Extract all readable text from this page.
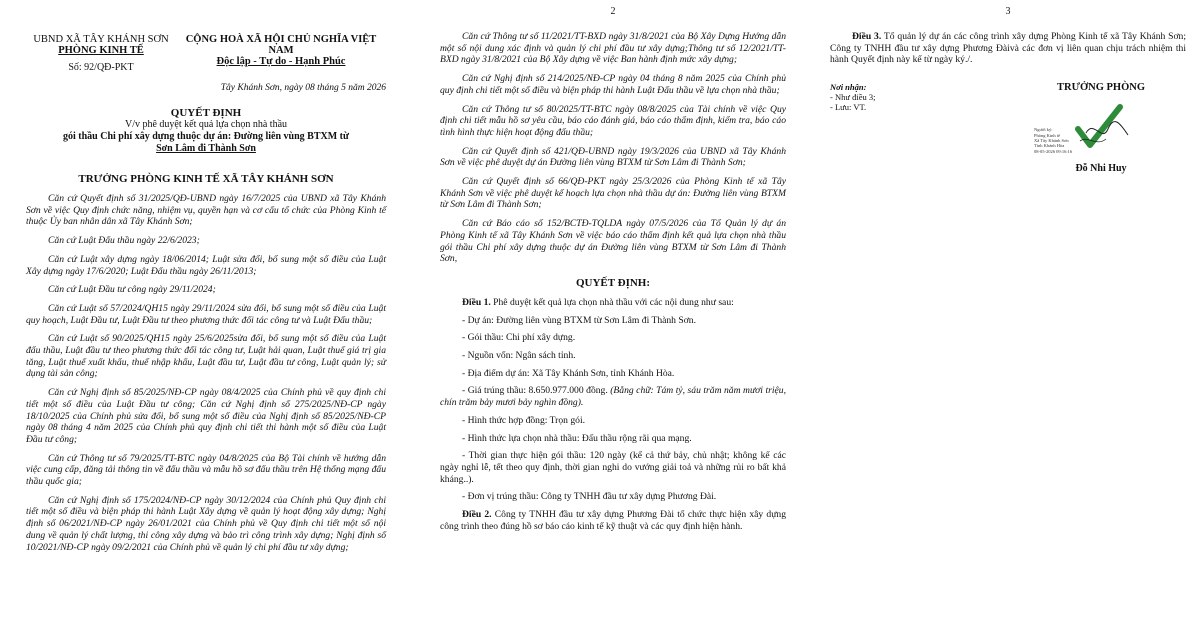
UBND XÃ TÂY KHÁNH SƠN
PHÒNG KINH TẾ
Số: 92/QĐ-PKT
CỘNG HOÀ XÃ HỘI CHỦ NGHĨA VIỆT NAM
Độc lập - Tự do - Hạnh Phúc
Tây Khánh Sơn, ngày 08 tháng 5 năm 2026
QUYẾT ĐỊNH
V/v phê duyệt kết quả lựa chọn nhà thầu
gói thầu Chi phí xây dựng thuộc dự án: Đường liên vùng BTXM từ
Sơn Lâm đi Thành Sơn
TRƯỞNG PHÒNG KINH TẾ XÃ TÂY KHÁNH SƠN

Căn cứ Quyết định số 31/2025/QĐ-UBND ngày 16/7/2025 của UBND xã Tây Khánh Sơn về việc Quy định chức năng, nhiệm vụ, quyền hạn và cơ cấu tổ chức của Phòng Kinh tế thuộc Ủy ban nhân dân xã Tây Khánh Sơn;

Căn cứ Luật Đấu thầu ngày 22/6/2023;

Căn cứ Luật xây dựng ngày 18/06/2014; Luật sửa đổi, bổ sung một số điều của Luật Xây dựng ngày 17/6/2020; Luật Đấu thầu ngày 26/11/2013;

Căn cứ Luật Đầu tư công ngày 29/11/2024;

Căn cứ Luật số 57/2024/QH15 ngày 29/11/2024 sửa đổi, bổ sung một số điều của Luật quy hoạch, Luật Đầu tư, Luật Đầu tư theo phương thức đối tác công tư và Luật Đấu thầu;

Căn cứ Luật số 90/2025/QH15 ngày 25/6/2025sửa đổi, bổ sung một số điều của Luật đấu thầu, Luật đầu tư theo phương thức đối tác công tư, Luật hải quan, Luật thuế giá trị gia tăng, Luật thuế xuất khẩu, thuế nhập khẩu, Luật đầu tư, Luật đầu tư công, Luật quản lý; sử dụng tài sản công;

Căn cứ Nghị định số 85/2025/NĐ-CP ngày 08/4/2025 của Chính phủ về quy định chi tiết một số điều của Luật Đầu tư công; Căn cứ Nghị định số 275/2025/NĐ-CP ngày 18/10/2025 của Chính phủ sửa đổi, bổ sung một số điều của Nghị định số 85/2025/NĐ-CP ngày 08 tháng 4 năm 2025 của Chính phủ quy định chi tiết thi hành một số điều của Luật Đầu tư công;

Căn cứ Thông tư số 79/2025/TT-BTC ngày 04/8/2025 của Bộ Tài chính về hướng dẫn việc cung cấp, đăng tải thông tin về đấu thầu và mẫu hồ sơ đấu thầu trên Hệ thống mạng đấu thầu quốc gia;

Căn cứ Nghị định số 175/2024/NĐ-CP ngày 30/12/2024 của Chính phủ Quy định chi tiết một số điều và biện pháp thi hành Luật Xây dựng về quản lý hoạt động xây dựng; Nghị định số 06/2021/NĐ-CP ngày 26/01/2021 của Chính phủ về Quy định chi tiết một số nội dung về quản lý chất lượng, thi công xây dựng và bảo trì công trình xây dựng; Nghị định số 10/2021/NĐ-CP ngày 09/2/2021 của Chính phủ về quản lý chi phí đầu tư xây dựng;

2

Căn cứ Thông tư số 11/2021/TT-BXD ngày 31/8/2021 của Bộ Xây Dựng Hướng dẫn một số nội dung xác định và quản lý chi phí đầu tư xây dựng;Thông tư số 12/2021/TT-BXD ngày 31/8/2021 của Bộ Xây dựng về việc Ban hành định mức xây dựng;

Căn cứ Nghị định số 214/2025/NĐ-CP ngày 04 tháng 8 năm 2025 của Chính phủ quy định chi tiết một số điều và biện pháp thi hành Luật Đấu thầu về lựa chọn nhà thầu;

Căn cứ Thông tư số 80/2025/TT-BTC ngày 08/8/2025 của Tài chính về việc Quy định chi tiết mẫu hồ sơ yêu cầu, báo cáo đánh giá, báo cáo thẩm định, kiểm tra, báo cáo tình hình thực hiện hoạt động đấu thầu;

Căn cứ Quyết định số 421/QĐ-UBND ngày 19/3/2026 của UBND xã Tây Khánh Sơn về việc phê duyệt dự án Đường liên vùng BTXM từ Sơn Lâm đi Thành Sơn;

Căn cứ Quyết định số 66/QĐ-PKT ngày 25/3/2026 của Phòng Kinh tế xã Tây Khánh Sơn về việc phê duyệt kế hoạch lựa chọn nhà thầu dự án: Đường liên vùng BTXM từ Sơn Lâm đi Thành Sơn;

Căn cứ Báo cáo số 152/BCTĐ-TQLDA ngày 07/5/2026 của Tổ Quản lý dự án Phòng Kinh tế xã Tây Khánh Sơn về việc báo cáo thẩm định kết quả lựa chọn nhà thầu gói thầu Chi phí xây dựng thuộc dự án Đường liên vùng BTXM từ Sơn Lâm đi Thành Sơn,

QUYẾT ĐỊNH:

Điều 1. Phê duyệt kết quả lựa chọn nhà thầu với các nội dung như sau:

- Dự án: Đường liên vùng BTXM từ Sơn Lâm đi Thành Sơn.

- Gói thầu: Chi phí xây dựng.

- Nguồn vốn: Ngân sách tỉnh.

- Địa điểm dự án: Xã Tây Khánh Sơn, tỉnh Khánh Hòa.

- Giá trúng thầu: 8.650.977.000 đồng. (Bằng chữ: Tám tỷ, sáu trăm năm mươi triệu, chín trăm bảy mươi bảy nghìn đồng).

- Hình thức hợp đồng: Trọn gói.

- Hình thức lựa chọn nhà thầu: Đấu thầu rộng rãi qua mạng.

- Thời gian thực hiện gói thầu: 120 ngày (kể cả thứ bảy, chủ nhật; không kể các ngày nghỉ lễ, tết theo quy định, thời gian nghi do vướng giải toả và những rủi ro bất khả kháng..).

- Đơn vị trúng thầu: Công ty TNHH đầu tư xây dựng Phương Đài.

Điều 2. Công ty TNHH đầu tư xây dựng Phương Đài tổ chức thực hiện xây dựng công trình theo đúng hồ sơ báo cáo kinh tế kỹ thuật và các quy định hiện hành.

3

Điều 3. Tổ quản lý dự án các công trình xây dựng Phòng Kinh tế xã Tây Khánh Sơn; Công ty TNHH đầu tư xây dựng Phương Đàivà các đơn vị liên quan chịu trách nhiệm thi hành Quyết định này kể từ ngày ký./.

Nơi nhận:
- Như điều 3;
- Lưu: VT.
TRƯỞNG PHÒNG
Người ký:
Phòng Kinh tế
Xã Tây Khánh Sơn
Tỉnh Khánh Hòa
08-05-2026 09:16:16
Đỗ Nhi Huy
